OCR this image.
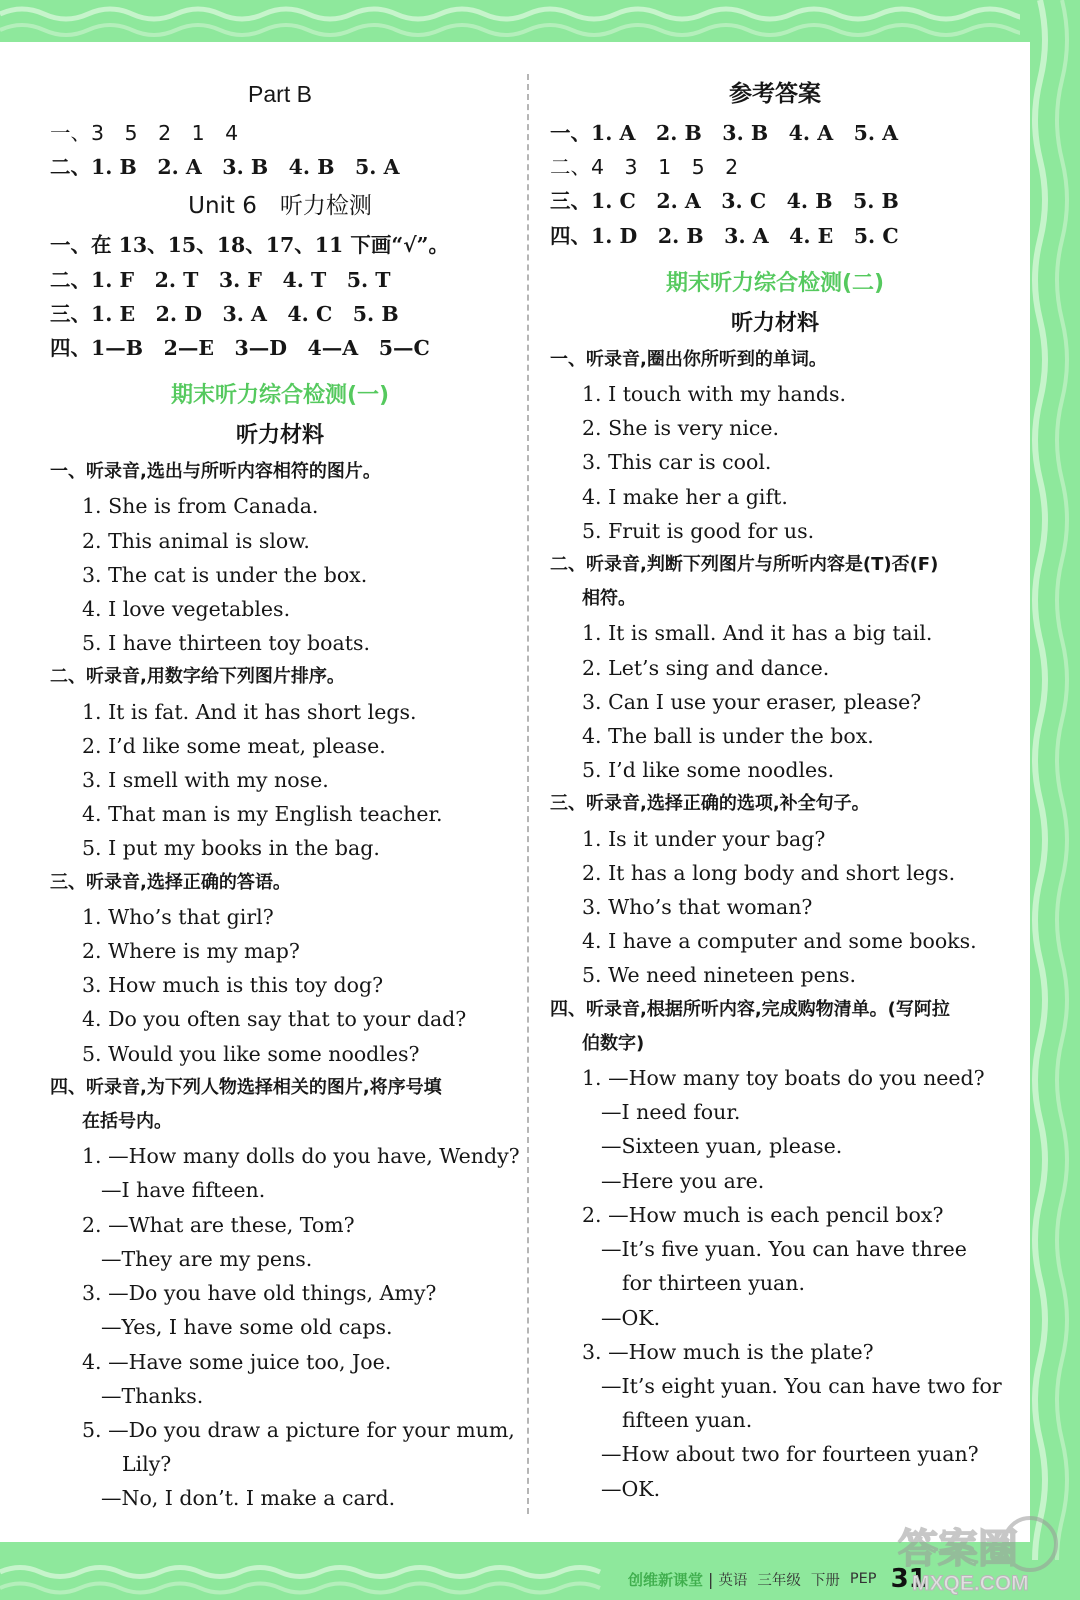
Part B
一、3　5　2　1　4
二、1. B　2. A　3. B　4. B　5. A
Unit 6　听力检测
一、在 13、15、18、17、11 下画“√”。
二、1. F　2. T　3. F　4. T　5. T
三、1. E　2. D　3. A　4. C　5. B
四、1—B　2—E　3—D　4—A　5—C
期末听力综合检测(一)
听力材料
一、听录音,选出与所听内容相符的图片。
1. She is from Canada.
2. This animal is slow.
3. The cat is under the box.
4. I love vegetables.
5. I have thirteen toy boats.
二、听录音,用数字给下列图片排序。
1. It is fat. And it has short legs.
2. I’d like some meat, please.
3. I smell with my nose.
4. That man is my English teacher.
5. I put my books in the bag.
三、听录音,选择正确的答语。
1. Who’s that girl?
2. Where is my map?
3. How much is this toy dog?
4. Do you often say that to your dad?
5. Would you like some noodles?
四、听录音,为下列人物选择相关的图片,将序号填
在括号内。
1. —How many dolls do you have, Wendy?
—I have fifteen.
2. —What are these, Tom?
—They are my pens.
3. —Do you have old things, Amy?
—Yes, I have some old caps.
4. —Have some juice too, Joe.
—Thanks.
5. —Do you draw a picture for your mum,
Lily?
—No, I don’t. I make a card.
参考答案
一、1. A　2. B　3. B　4. A　5. A
二、4　3　1　5　2
三、1. C　2. A　3. C　4. B　5. B
四、1. D　2. B　3. A　4. E　5. C
期末听力综合检测(二)
听力材料
一、听录音,圈出你所听到的单词。
1. I touch with my hands.
2. She is very nice.
3. This car is cool.
4. I make her a gift.
5. Fruit is good for us.
二、听录音,判断下列图片与所听内容是(T)否(F)
相符。
1. It is small. And it has a big tail.
2. Let’s sing and dance.
3. Can I use your eraser, please?
4. The ball is under the box.
5. I’d like some noodles.
三、听录音,选择正确的选项,补全句子。
1. Is it under your bag?
2. It has a long body and short legs.
3. Who’s that woman?
4. I have a computer and some books.
5. We need nineteen pens.
四、听录音,根据所听内容,完成购物清单。(写阿拉
伯数字)
1. —How many toy boats do you need?
—I need four.
—Sixteen yuan, please.
—Here you are.
2. —How much is each pencil box?
—It’s five yuan. You can have three
for thirteen yuan.
—OK.
3. —How much is the plate?
—It’s eight yuan. You can have two for
fifteen yuan.
—How about two for fourteen yuan?
—OK.
创维新课堂 | 英语 三年级 下册 PEP 31
答案圈
MXQE.COM
